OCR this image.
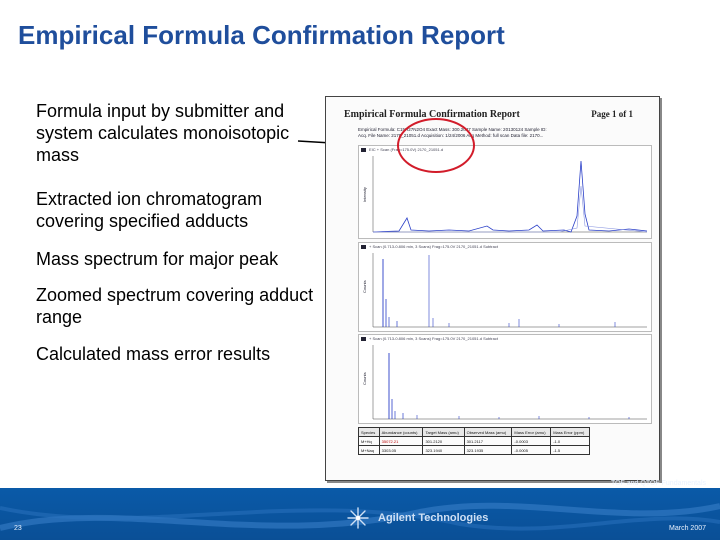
Empirical Formula Confirmation Report
Formula input by submitter and system calculates monoisotopic mass
Extracted ion chromatogram covering specified adducts
Mass spectrum for major peak
Zoomed spectrum covering adduct range
Calculated mass error results
Empirical Formula Confirmation Report	Page 1 of 1
Empirical Formula: C15H27N2O4 Exact Mass: 300.2047 Sample Name: 20130124 Sample ID:
Acq. File Name: 2170_21051.d Acquisition: 1/24/2006 Acq Method: full scan Data file: 2170...
EIC + Scan (Frag=175.0V) 2170_21051.d
Intensity
+ Scan (0.713-0.806 min, 3 Scans) Frag=175.0V 2170_21051.d Subtract
Counts
+ Scan (0.713-0.806 min, 3 Scans) Frag=175.0V 2170_21051.d Subtract
Counts
Species	Abundance (counts)	Target Mass (amu)	Observed Mass (amu)	Mass Error (amu)	Mass Error (ppm)
M+Hq	35072.21	301.2120	301.2117	-0.0003	-1.0
M+Naq	3303.05	323.1940	323.1935	-0.0005	-1.5
TOF and QTOF Fundamentals
23	March 2007
Agilent Technologies
